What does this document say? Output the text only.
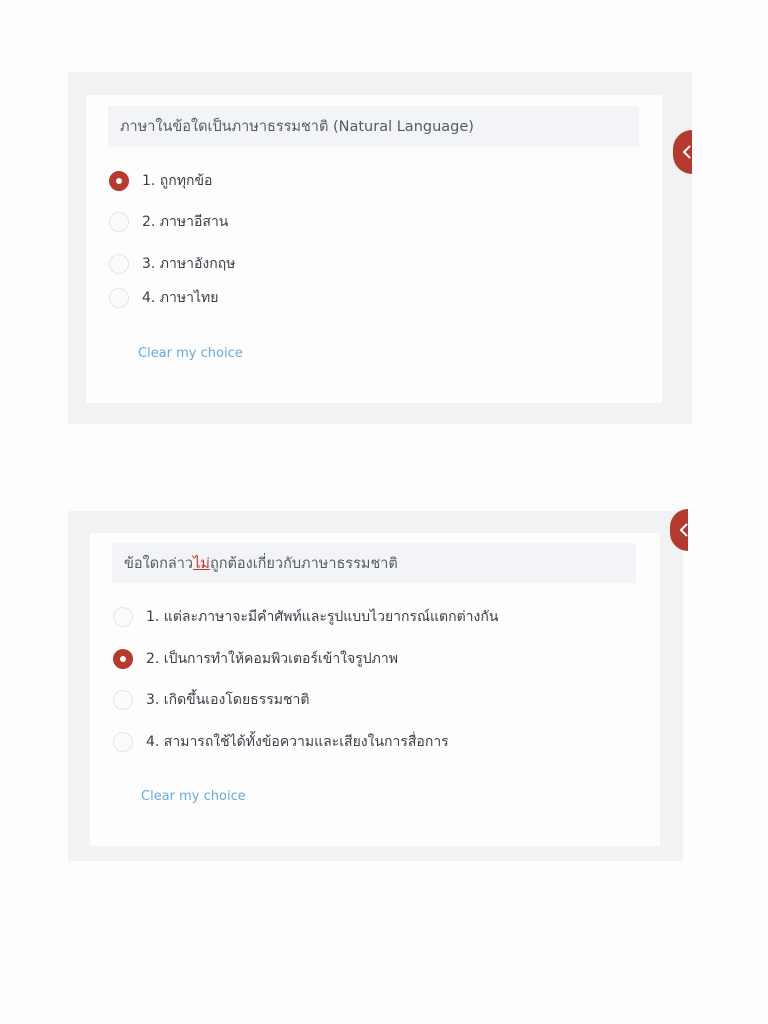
ภาษาในข้อใดเป็นภาษาธรรมชาติ (Natural Language)
1. ถูกทุกข้อ
2. ภาษาอีสาน
3. ภาษาอังกฤษ
4. ภาษาไทย
Clear my choice
ข้อใดกล่าว ไม่ ถูกต้องเกี่ยวกับภาษาธรรมชาติ
1. แต่ละภาษาจะมีคำศัพท์และรูปแบบไวยากรณ์แตกต่างกัน
2. เป็นการทำให้คอมพิวเตอร์เข้าใจรูปภาพ
3. เกิดขึ้นเองโดยธรรมชาติ
4. สามารถใช้ได้ทั้งข้อความและเสียงในการสื่อการ
Clear my choice
